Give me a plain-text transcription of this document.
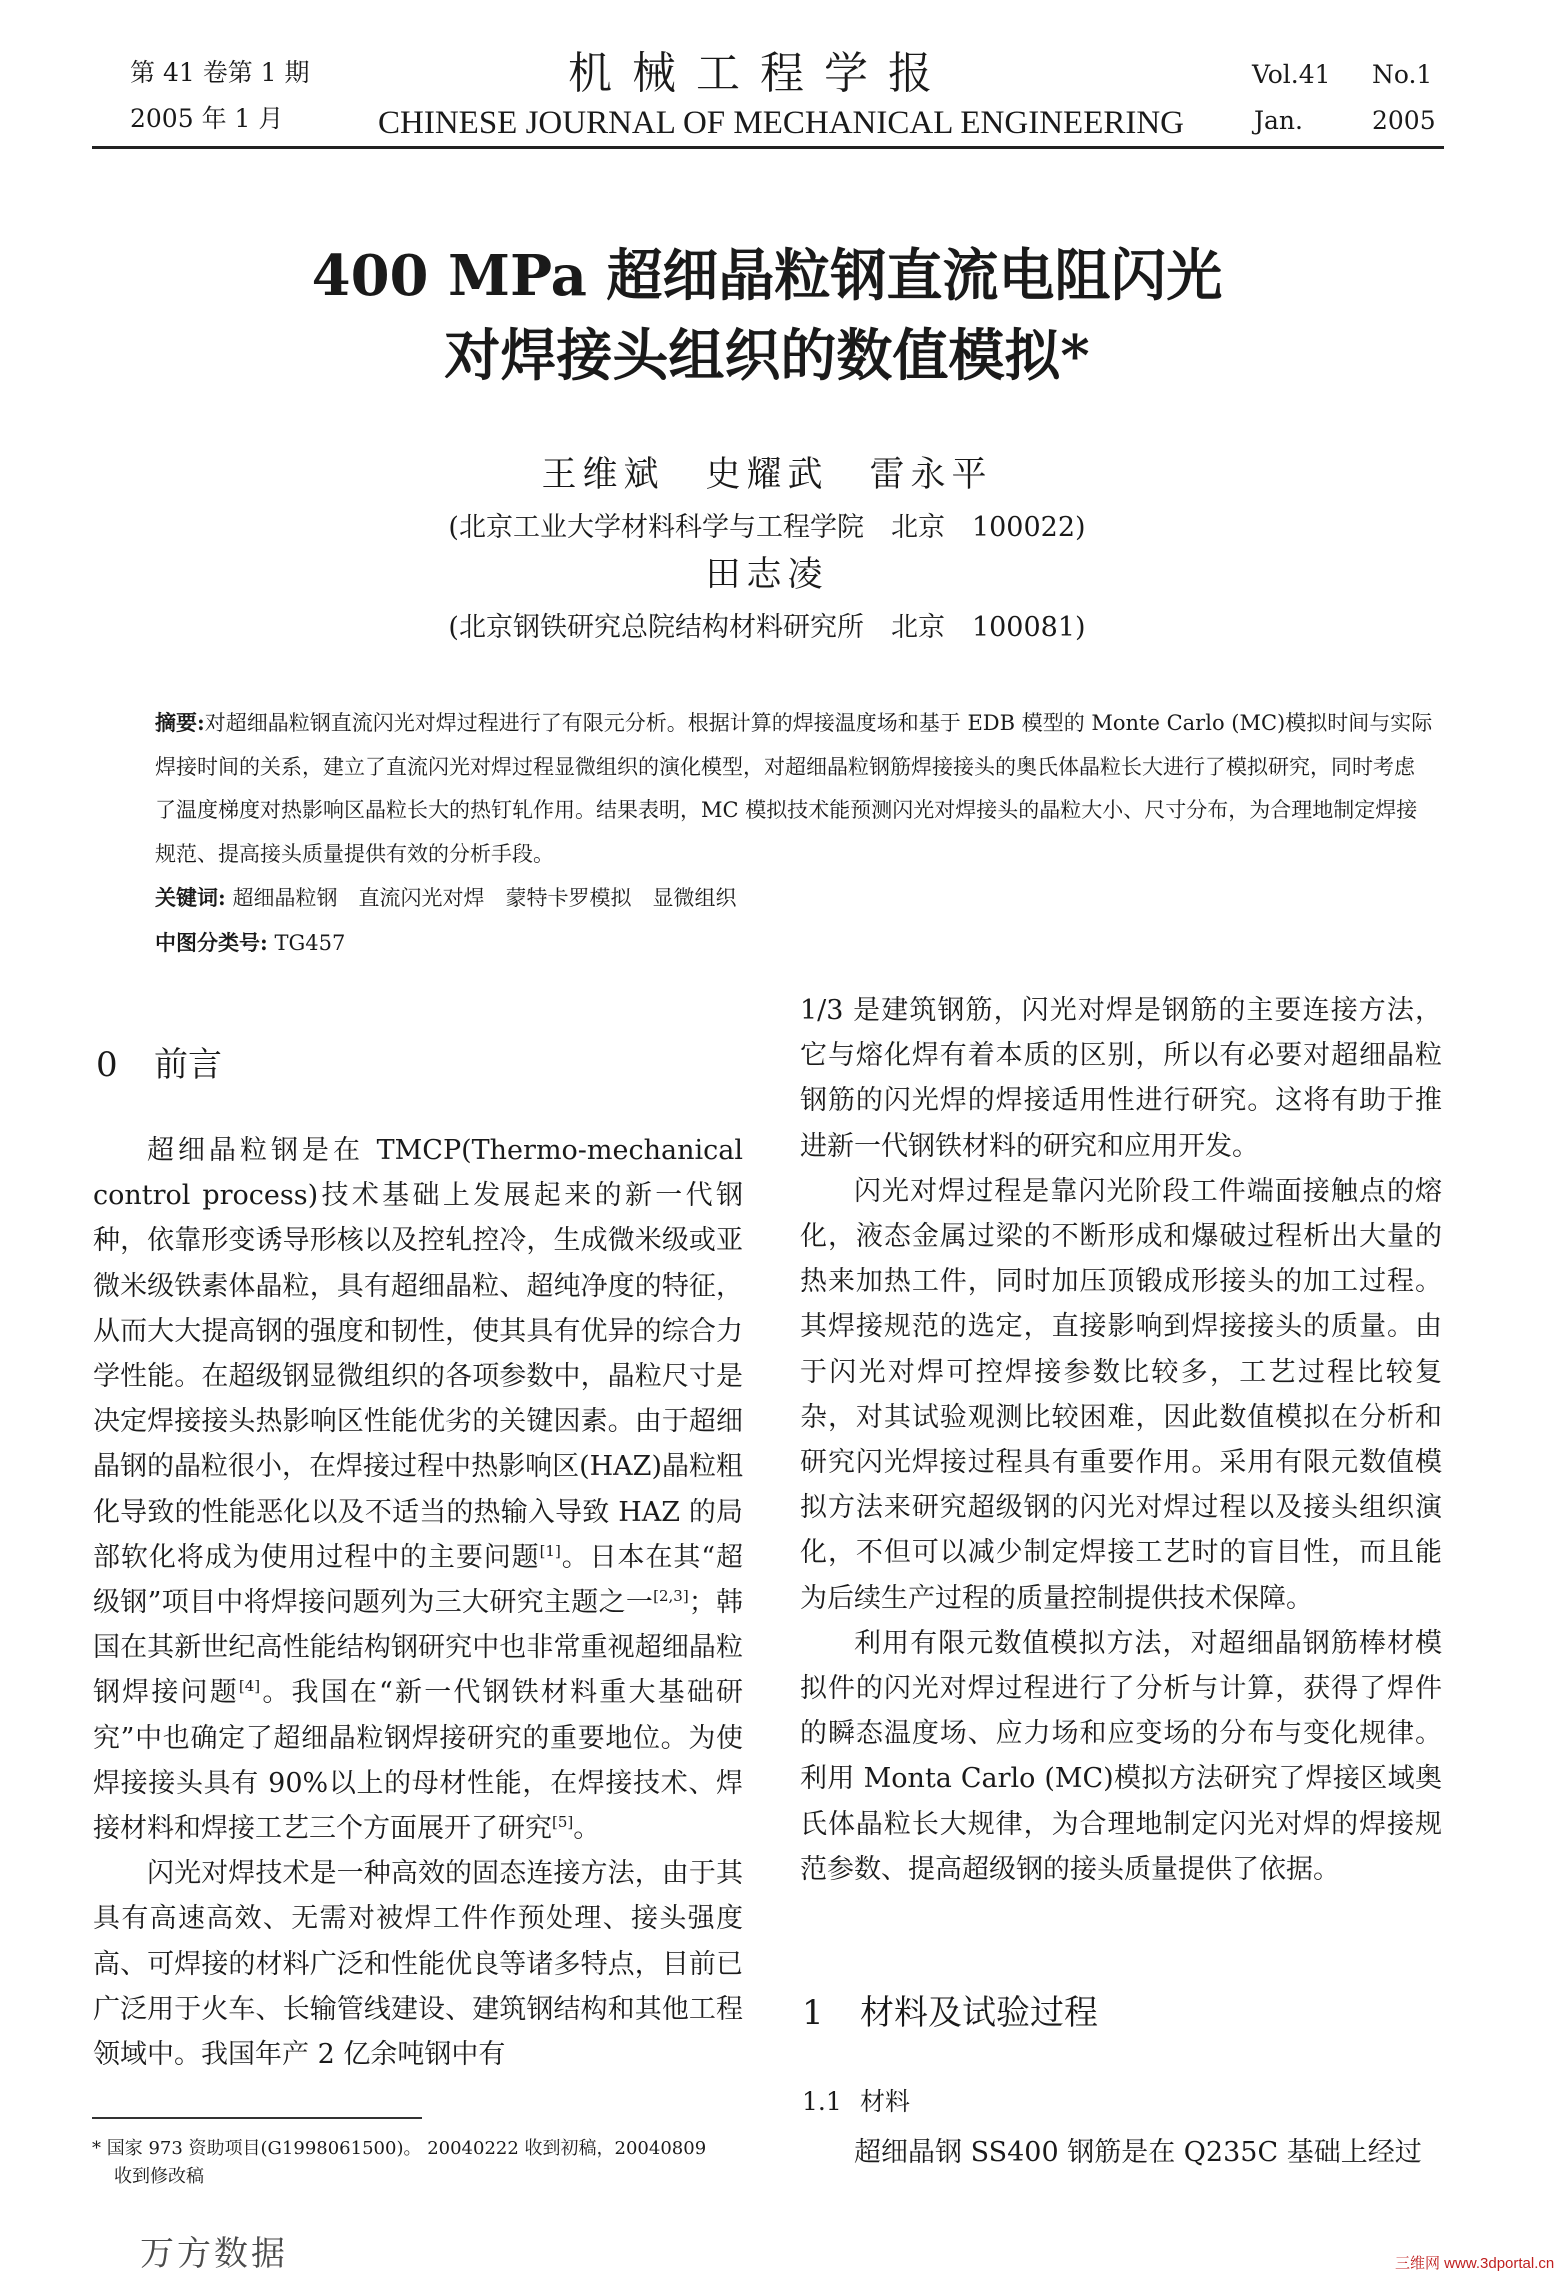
第 41 卷第 1 期
2005 年 1 月
机械工程学报
CHINESE JOURNAL OF MECHANICAL ENGINEERING
Vol.41 No.1
Jan.	2005
400 MPa 超细晶粒钢直流电阻闪光
对焊接头组织的数值模拟*
王维斌　史耀武　雷永平
(北京工业大学材料科学与工程学院　北京　100022)
田志凌
(北京钢铁研究总院结构材料研究所　北京　100081)

摘要:对超细晶粒钢直流闪光对焊过程进行了有限元分析。根据计算的焊接温度场和基于 EDB 模型的 Monte Carlo (MC)模拟时间与实际焊接时间的关系，建立了直流闪光对焊过程显微组织的演化模型，对超细晶粒钢筋焊接接头的奥氏体晶粒长大进行了模拟研究，同时考虑了温度梯度对热影响区晶粒长大的热钉轧作用。结果表明，MC 模拟技术能预测闪光对焊接头的晶粒大小、尺寸分布，为合理地制定焊接规范、提高接头质量提供有效的分析手段。

关键词: 超细晶粒钢　直流闪光对焊　蒙特卡罗模拟　显微组织

中图分类号: TG457

0 前言

超细晶粒钢是在 TMCP(Thermo-mechanical control process)技术基础上发展起来的新一代钢种，依靠形变诱导形核以及控轧控冷，生成微米级或亚微米级铁素体晶粒，具有超细晶粒、超纯净度的特征，从而大大提高钢的强度和韧性，使其具有优异的综合力学性能。在超级钢显微组织的各项参数中，晶粒尺寸是决定焊接接头热影响区性能优劣的关键因素。由于超细晶钢的晶粒很小，在焊接过程中热影响区(HAZ)晶粒粗化导致的性能恶化以及不适当的热输入导致 HAZ 的局部软化将成为使用过程中的主要问题[1]。日本在其“超级钢”项目中将焊接问题列为三大研究主题之一[2,3]；韩国在其新世纪高性能结构钢研究中也非常重视超细晶粒钢焊接问题[4]。我国在“新一代钢铁材料重大基础研究”中也确定了超细晶粒钢焊接研究的重要地位。为使焊接接头具有 90%以上的母材性能，在焊接技术、焊接材料和焊接工艺三个方面展开了研究[5]。

闪光对焊技术是一种高效的固态连接方法，由于其具有高速高效、无需对被焊工件作预处理、接头强度高、可焊接的材料广泛和性能优良等诸多特点，目前已广泛用于火车、长输管线建设、建筑钢结构和其他工程领域中。我国年产 2 亿余吨钢中有

1/3 是建筑钢筋，闪光对焊是钢筋的主要连接方法，它与熔化焊有着本质的区别，所以有必要对超细晶粒钢筋的闪光焊的焊接适用性进行研究。这将有助于推进新一代钢铁材料的研究和应用开发。

闪光对焊过程是靠闪光阶段工件端面接触点的熔化，液态金属过梁的不断形成和爆破过程析出大量的热来加热工件，同时加压顶锻成形接头的加工过程。其焊接规范的选定，直接影响到焊接接头的质量。由于闪光对焊可控焊接参数比较多，工艺过程比较复杂，对其试验观测比较困难，因此数值模拟在分析和研究闪光焊接过程具有重要作用。采用有限元数值模拟方法来研究超级钢的闪光对焊过程以及接头组织演化，不但可以减少制定焊接工艺时的盲目性，而且能为后续生产过程的质量控制提供技术保障。

利用有限元数值模拟方法，对超细晶钢筋棒材模拟件的闪光对焊过程进行了分析与计算，获得了焊件的瞬态温度场、应力场和应变场的分布与变化规律。利用 Monta Carlo (MC)模拟方法研究了焊接区域奥氏体晶粒长大规律，为合理地制定闪光对焊的焊接规范参数、提高超级钢的接头质量提供了依据。

1 材料及试验过程
1.1 材料

超细晶钢 SS400 钢筋是在 Q235C 基础上经过

* 国家 973 资助项目(G1998061500)。 20040222 收到初稿，20040809
收到修改稿
万方数据	三维网 www.3dportal.cn
